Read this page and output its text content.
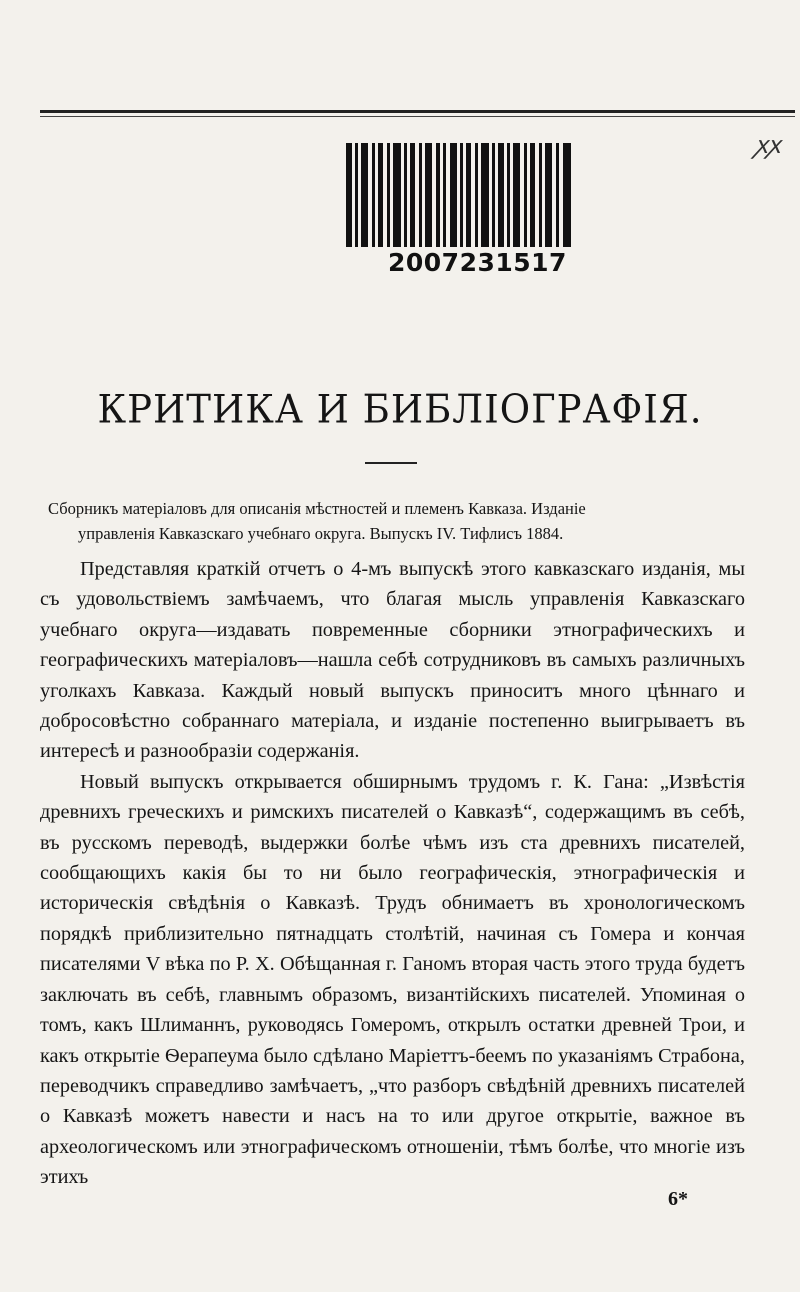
ꭗꭗ
2007231517
КРИТИКА И БИБЛІОГРАФІЯ.
Сборникъ матеріаловъ для описанія мѣстностей и племенъ Кавказа. Изданіе
управленія Кавказскаго учебнаго округа. Выпускъ IV. Тифлисъ 1884.

Представляя краткій отчетъ о 4-мъ выпускѣ этого кавказскаго изданія, мы съ удовольствіемъ замѣчаемъ, что благая мысль управленія Кавказскаго учебнаго округа—издавать повременные сборники этнографическихъ и географическихъ матеріаловъ—нашла себѣ сотрудниковъ въ самыхъ различныхъ уголкахъ Кавказа. Каждый новый выпускъ приноситъ много цѣннаго и добросовѣстно собраннаго матеріала, и изданіе постепенно выигрываетъ въ интересѣ и разнообразіи содержанія.

Новый выпускъ открывается обширнымъ трудомъ г. К. Гана: „Извѣстія древнихъ греческихъ и римскихъ писателей о Кавказѣ“, содержащимъ въ себѣ, въ русскомъ переводѣ, выдержки болѣе чѣмъ изъ ста древнихъ писателей, сообщающихъ какія бы то ни было географическія, этнографическія и историческія свѣдѣнія о Кавказѣ. Трудъ обнимаетъ въ хронологическомъ порядкѣ приблизительно пятнадцать столѣтій, начиная съ Гомера и кончая писателями V вѣка по Р. Х. Обѣщанная г. Ганомъ вторая часть этого труда будетъ заключать въ себѣ, главнымъ образомъ, византійскихъ писателей. Упоминая о томъ, какъ Шлиманнъ, руководясь Гомеромъ, открылъ остатки древней Трои, и какъ открытіе Ѳерапеума было сдѣлано Маріеттъ-беемъ по указаніямъ Страбона, переводчикъ справедливо замѣчаетъ, „что разборъ свѣдѣній древнихъ писателей о Кавказѣ можетъ навести и насъ на то или другое открытіе, важное въ археологическомъ или этнографическомъ отношеніи, тѣмъ болѣе, что многіе изъ этихъ

6*
